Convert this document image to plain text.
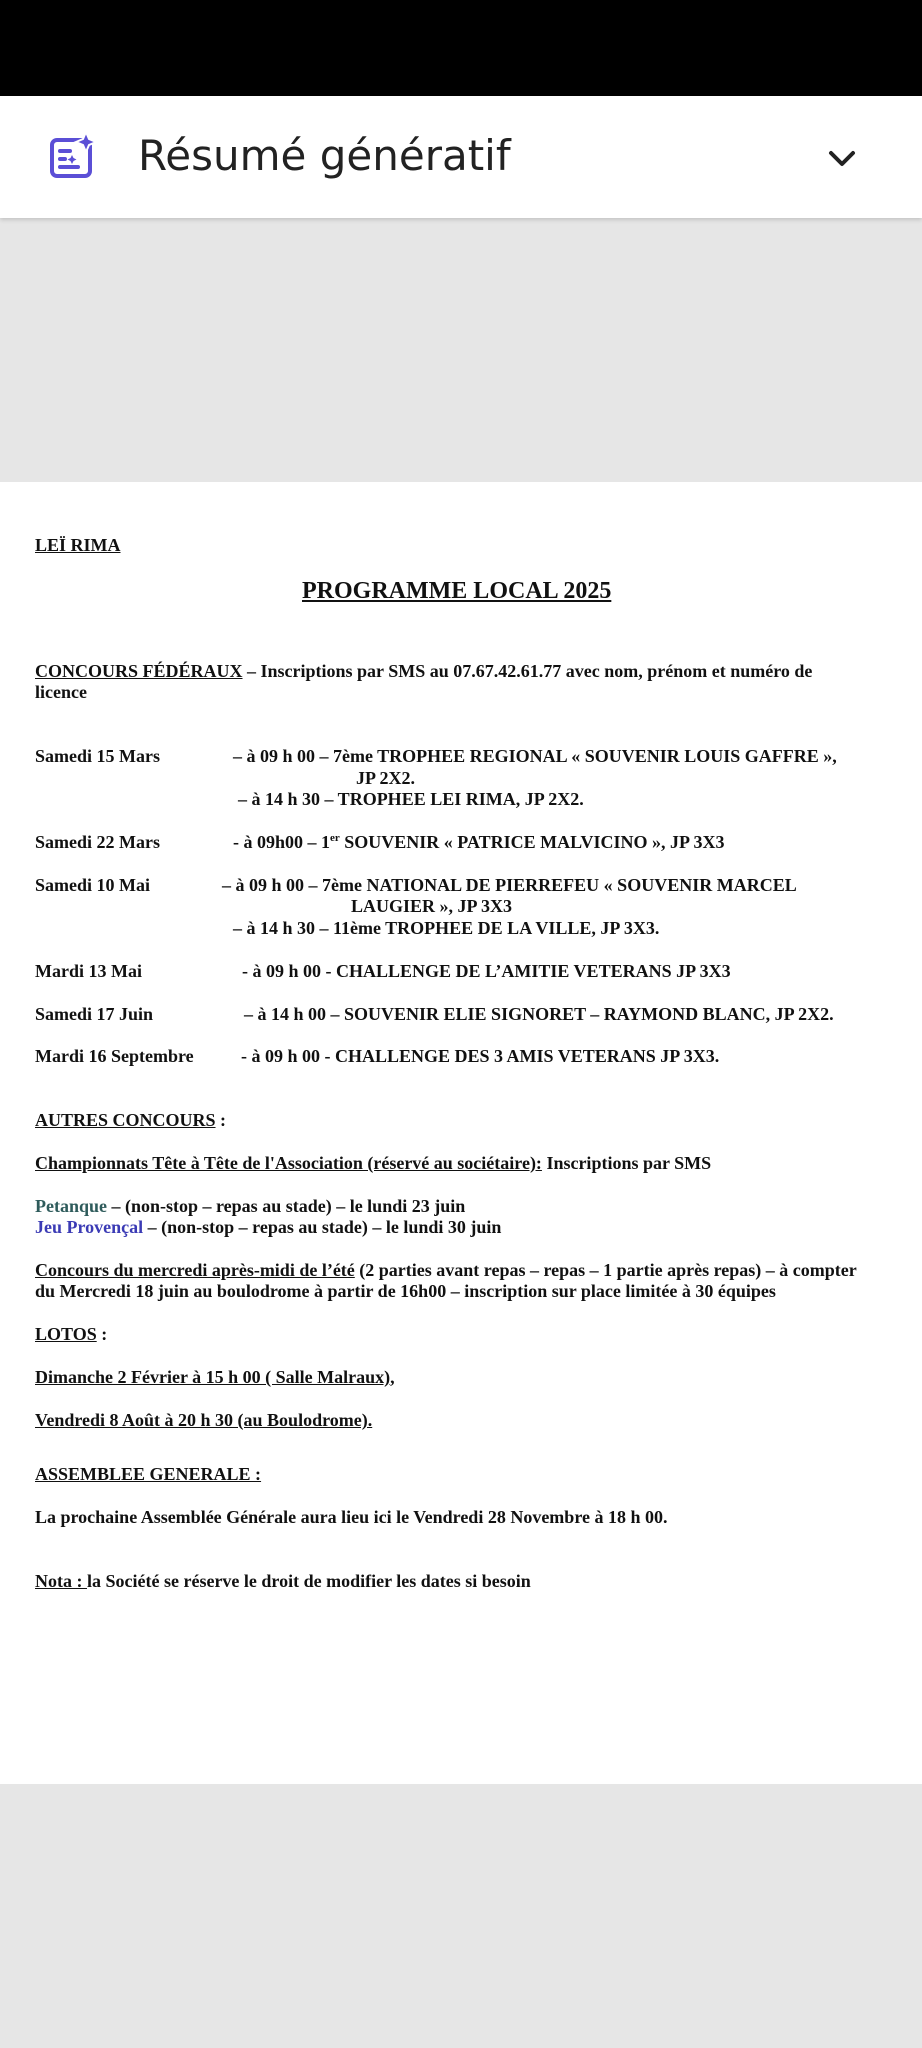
Résumé génératif
LEÏ RIMA
PROGRAMME LOCAL 2025
CONCOURS FÉDÉRAUX – Inscriptions par SMS au 07.67.42.61.77 avec nom, prénom et numéro de
licence
Samedi 15 Mars	– à 09 h 00 – 7ème TROPHEE REGIONAL « SOUVENIR LOUIS GAFFRE »,
JP 2X2.
– à 14 h 30 – TROPHEE LEI RIMA, JP 2X2.
Samedi 22 Mars	- à 09h00 – 1er SOUVENIR « PATRICE MALVICINO », JP 3X3
Samedi 10 Mai	– à 09 h 00 – 7ème NATIONAL DE PIERREFEU « SOUVENIR MARCEL
LAUGIER », JP 3X3
– à 14 h 30 – 11ème TROPHEE DE LA VILLE, JP 3X3.
Mardi 13 Mai	- à 09 h 00 - CHALLENGE DE L’AMITIE VETERANS JP 3X3
Samedi 17 Juin	– à 14 h 00 – SOUVENIR ELIE SIGNORET – RAYMOND BLANC, JP 2X2.
Mardi 16 Septembre	- à 09 h 00 - CHALLENGE DES 3 AMIS VETERANS JP 3X3.
AUTRES CONCOURS :
Championnats Tête à Tête de l'Association (réservé au sociétaire): Inscriptions par SMS
Petanque – (non-stop – repas au stade) – le lundi 23 juin
Jeu Provençal – (non-stop – repas au stade) – le lundi 30 juin
Concours du mercredi après-midi de l’été (2 parties avant repas – repas – 1 partie après repas) – à compter
du Mercredi 18 juin au boulodrome à partir de 16h00 – inscription sur place limitée à 30 équipes
LOTOS :
Dimanche 2 Février à 15 h 00 ( Salle Malraux),
Vendredi 8 Août à 20 h 30 (au Boulodrome).
ASSEMBLEE GENERALE :
La prochaine Assemblée Générale aura lieu ici le Vendredi 28 Novembre à 18 h 00.
Nota : la Société se réserve le droit de modifier les dates si besoin
